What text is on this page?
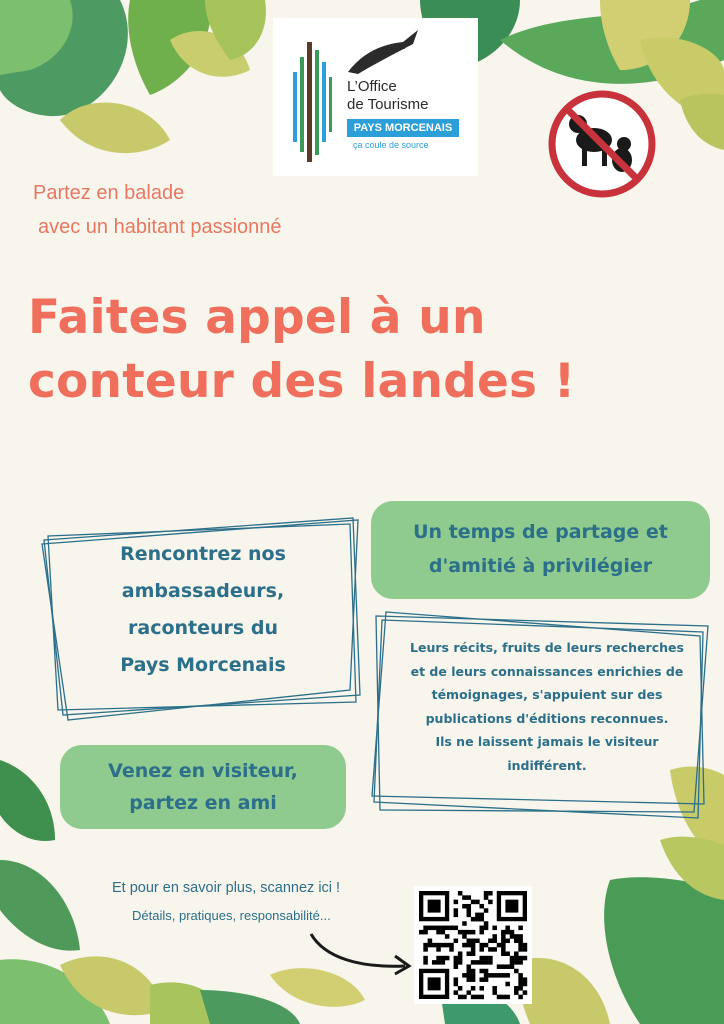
L’Office
de Tourisme
PAYS MORCENAIS
ça coule de source
Partez en balade
avec un habitant passionné
Faites appel à un
conteur des landes !
Rencontrez nos
ambassadeurs,
raconteurs du
Pays Morcenais
Un temps de partage et
d'amitié à privilégier
Leurs récits, fruits de leurs recherches
et de leurs connaissances enrichies de
témoignages, s'appuient sur des
publications d'éditions reconnues.
Ils ne laissent jamais le visiteur
indifférent.
Venez en visiteur,
partez en ami
Et pour en savoir plus, scannez ici !
Détails, pratiques, responsabilité...
